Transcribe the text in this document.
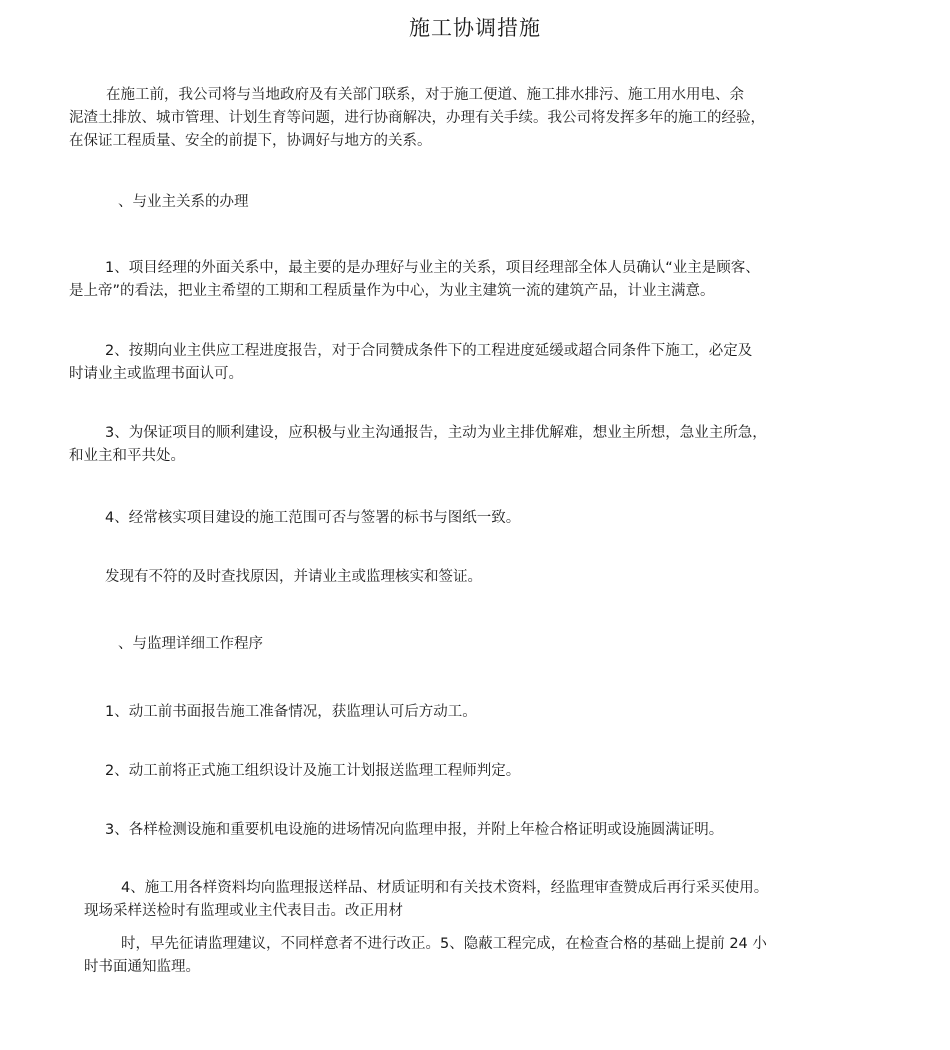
施工协调措施
在施工前，我公司将与当地政府及有关部门联系，对于施工便道、施工排水排污、施工用水用电、余
泥渣土排放、城市管理、计划生育等问题，进行协商解决，办理有关手续。我公司将发挥多年的施工的经验，
在保证工程质量、安全的前提下，协调好与地方的关系。
、与业主关系的办理
1、项目经理的外面关系中，最主要的是办理好与业主的关系，项目经理部全体人员确认“业主是顾客、
是上帝”的看法，把业主希望的工期和工程质量作为中心，为业主建筑一流的建筑产品，计业主满意。
2、按期向业主供应工程进度报告，对于合同赞成条件下的工程进度延缓或超合同条件下施工，必定及
时请业主或监理书面认可。
3、为保证项目的顺利建设，应积极与业主沟通报告，主动为业主排优解难，想业主所想，急业主所急，
和业主和平共处。
4、经常核实项目建设的施工范围可否与签署的标书与图纸一致。
发现有不符的及时查找原因，并请业主或监理核实和签证。
、与监理详细工作程序
1、动工前书面报告施工准备情况，获监理认可后方动工。
2、动工前将正式施工组织设计及施工计划报送监理工程师判定。
3、各样检测设施和重要机电设施的进场情况向监理申报，并附上年检合格证明或设施圆满证明。
4、施工用各样资料均向监理报送样品、材质证明和有关技术资料，经监理审查赞成后再行采买使用。
现场采样送检时有监理或业主代表目击。改正用材
时，早先征请监理建议，不同样意者不进行改正。5、隐蔽工程完成，在检查合格的基础上提前 24 小
时书面通知监理。
